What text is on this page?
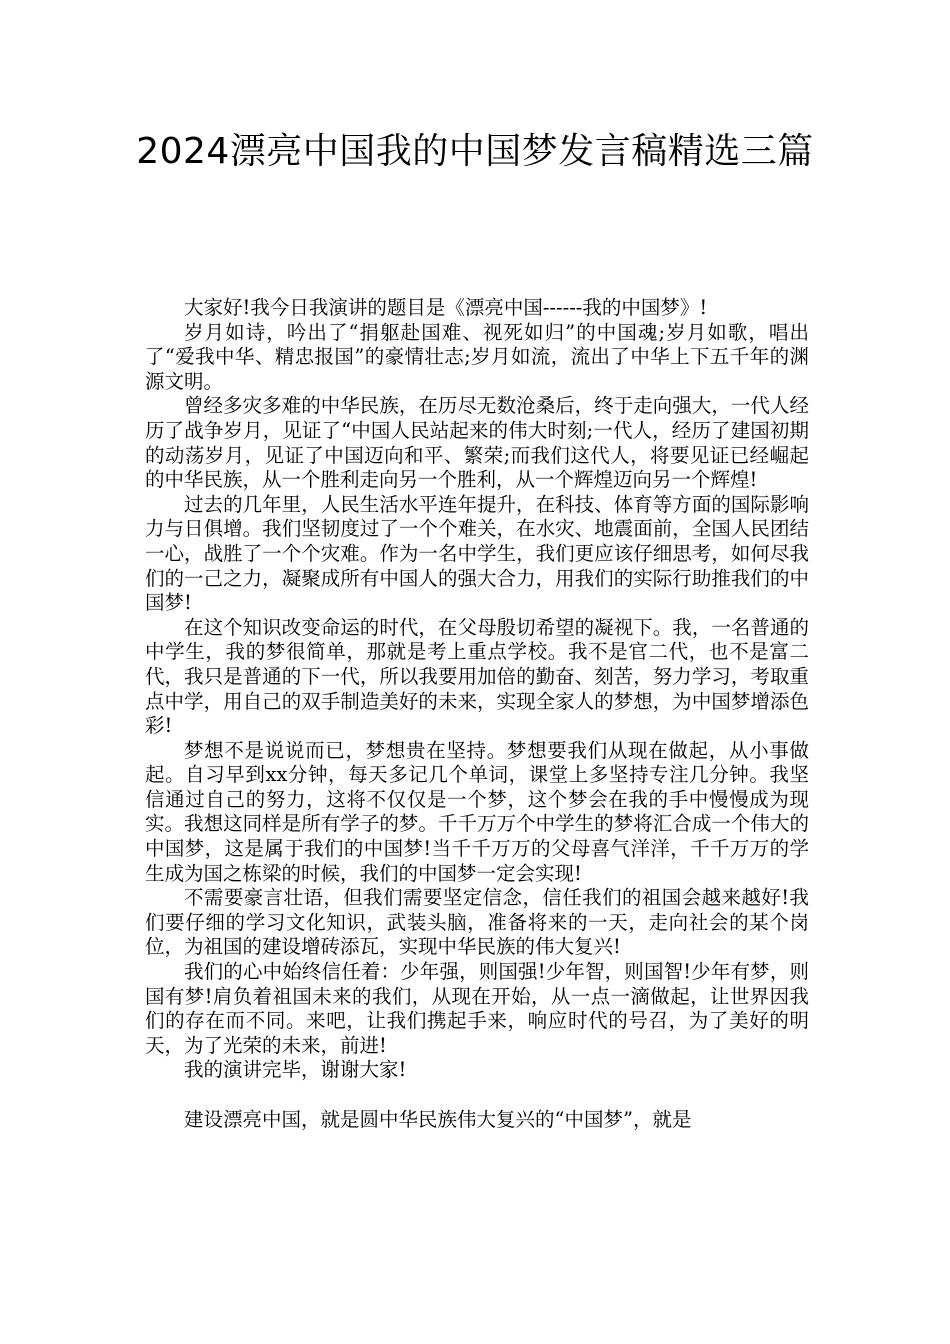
2024漂亮中国我的中国梦发言稿精选三篇

大家好!我今日我演讲的题目是《漂亮中国------我的中国梦》!

岁月如诗，吟出了“捐躯赴国难、视死如归”的中国魂;岁月如歌，唱出了“爱我中华、精忠报国”的豪情壮志;岁月如流，流出了中华上下五千年的渊源文明。

曾经多灾多难的中华民族，在历尽无数沧桑后，终于走向强大，一代人经历了战争岁月，见证了“中国人民站起来的伟大时刻;一代人，经历了建国初期的动荡岁月，见证了中国迈向和平、繁荣;而我们这代人，将要见证已经崛起的中华民族，从一个胜利走向另一个胜利，从一个辉煌迈向另一个辉煌!

过去的几年里，人民生活水平连年提升，在科技、体育等方面的国际影响力与日俱增。我们坚韧度过了一个个难关，在水灾、地震面前，全国人民团结一心，战胜了一个个灾难。作为一名中学生，我们更应该仔细思考，如何尽我们的一己之力，凝聚成所有中国人的强大合力，用我们的实际行助推我们的中国梦!

在这个知识改变命运的时代，在父母殷切希望的凝视下。我，一名普通的中学生，我的梦很简单，那就是考上重点学校。我不是官二代，也不是富二代，我只是普通的下一代，所以我要用加倍的勤奋、刻苦，努力学习，考取重点中学，用自己的双手制造美好的未来，实现全家人的梦想，为中国梦增添色彩!

梦想不是说说而已，梦想贵在坚持。梦想要我们从现在做起，从小事做起。自习早到xx分钟，每天多记几个单词，课堂上多坚持专注几分钟。我坚信通过自己的努力，这将不仅仅是一个梦，这个梦会在我的手中慢慢成为现实。我想这同样是所有学子的梦。千千万万个中学生的梦将汇合成一个伟大的中国梦，这是属于我们的中国梦!当千千万万的父母喜气洋洋，千千万万的学生成为国之栋梁的时候，我们的中国梦一定会实现!

不需要豪言壮语，但我们需要坚定信念，信任我们的祖国会越来越好!我们要仔细的学习文化知识，武装头脑，准备将来的一天，走向社会的某个岗位，为祖国的建设增砖添瓦，实现中华民族的伟大复兴!

我们的心中始终信任着：少年强，则国强!少年智，则国智!少年有梦，则国有梦!肩负着祖国未来的我们，从现在开始，从一点一滴做起，让世界因我们的存在而不同。来吧，让我们携起手来，响应时代的号召，为了美好的明天，为了光荣的未来，前进!

我的演讲完毕，谢谢大家!

建设漂亮中国，就是圆中华民族伟大复兴的“中国梦”，就是
